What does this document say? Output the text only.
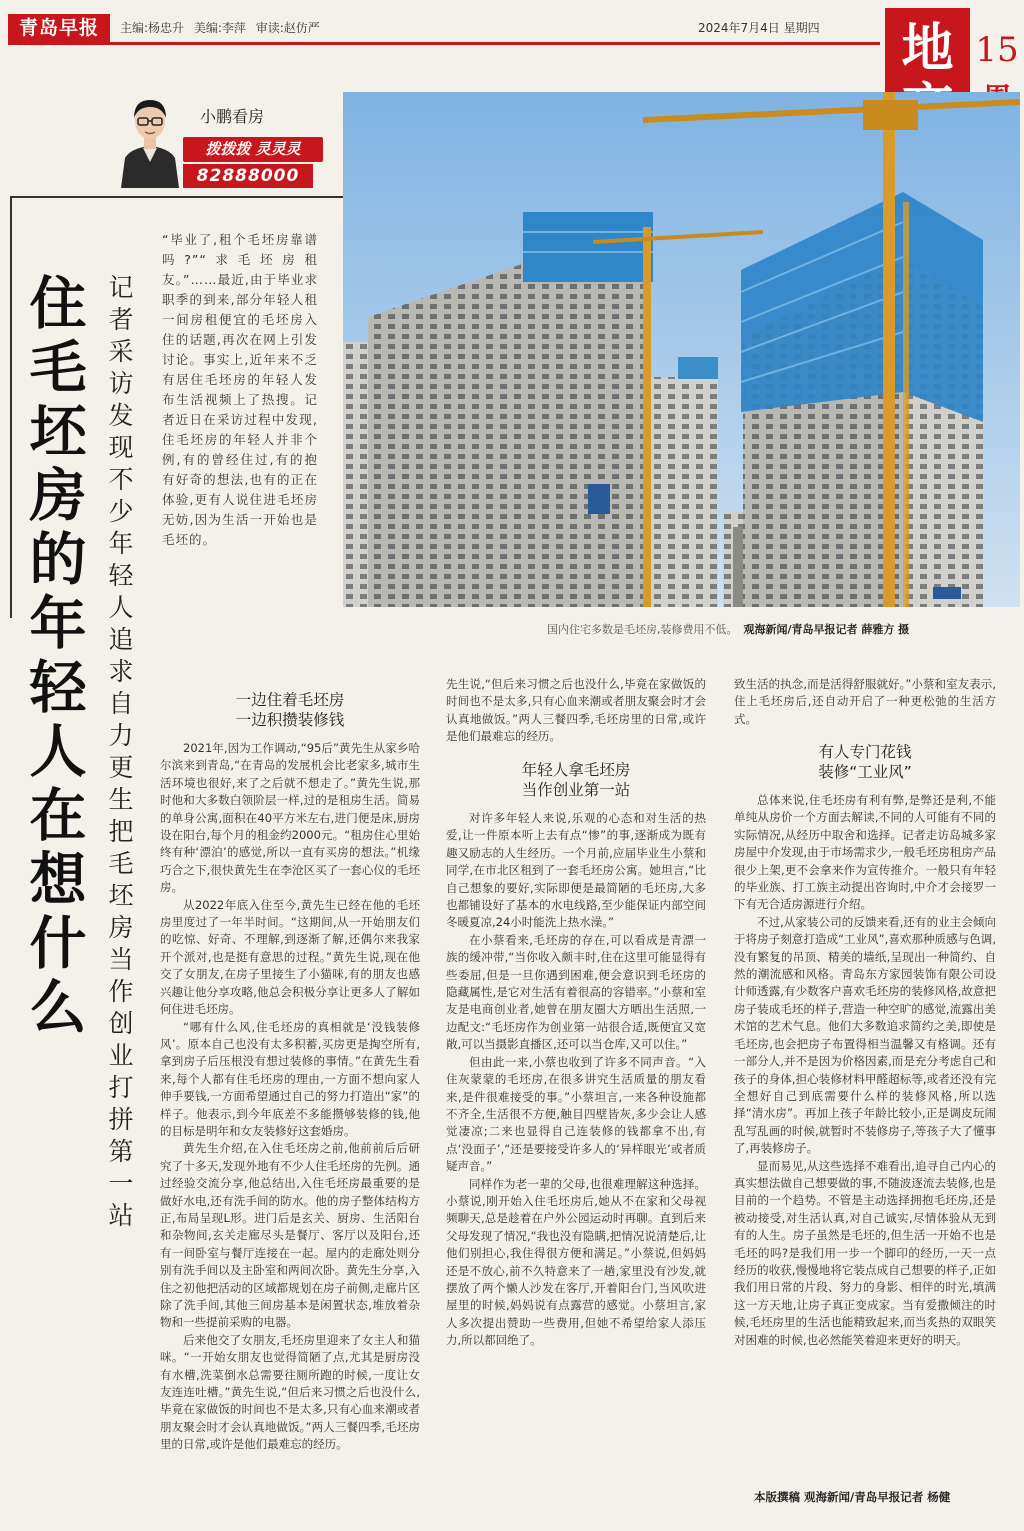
青岛早报	主编:杨忠升 美编:李萍 审读:赵仿严	2024年7月4日 星期四	地 15
小鹏看房
拨拨拨 灵灵灵
82888000
住毛坯房的年轻人在想什么
记者采访发现不少年轻人追求自力更生 把毛坯房当作创业打拼第一站
“毕业了,租个毛坯房靠谱吗?”“求毛坯房租友。”……最近,由于毕业求职季的到来,部分年轻人租一间房租便宜的毛坯房入住的话题,再次在网上引发讨论。事实上,近年来不乏有居住毛坯房的年轻人发布生活视频上了热搜。记者近日在采访过程中发现,住毛坯房的年轻人并非个例,有的曾经住过,有的抱有好奇的想法,也有的正在体验,更有人说住进毛坯房无妨,因为生活一开始也是毛坯的。
国内住宅多数是毛坯房,装修费用不低。 观海新闻/青岛早报记者 薛雅方 摄
一边住着毛坯房
一边积攒装修钱

2021年,因为工作调动,“95后”黄先生从家乡哈尔滨来到青岛,“在青岛的发展机会比老家多,城市生活环境也很好,来了之后就不想走了。”黄先生说,那时他和大多数白领阶层一样,过的是租房生活。简易的单身公寓,面积在40平方米左右,进门便是床,厨房设在阳台,每个月的租金约2000元。“租房住心里始终有种‘漂泊’的感觉,所以一直有买房的想法。”机缘巧合之下,很快黄先生在李沧区买了一套心仪的毛坯房。

从2022年底入住至今,黄先生已经在他的毛坯房里度过了一年半时间。“这期间,从一开始朋友们的吃惊、好奇、不理解,到逐渐了解,还偶尔来我家开个派对,也是挺有意思的过程。”黄先生说,现在他交了女朋友,在房子里接生了小猫咪,有的朋友也感兴趣让他分享攻略,他总会积极分享让更多人了解如何住进毛坯房。

“哪有什么风,住毛坯房的真相就是‘没钱装修风’。原本自己也没有太多积蓄,买房更是掏空所有,拿到房子后压根没有想过装修的事情。”在黄先生看来,每个人都有住毛坯房的理由,一方面不想向家人伸手要钱,一方面希望通过自己的努力打造出“家”的样子。他表示,到今年底差不多能攒够装修的钱,他的目标是明年和女友装修好这套婚房。

黄先生介绍,在入住毛坯房之前,他前前后后研究了十多天,发现外地有不少人住毛坯房的先例。通过经验交流分享,他总结出,入住毛坯房最重要的是做好水电,还有洗手间的防水。他的房子整体结构方正,布局呈现L形。进门后是玄关、厨房、生活阳台和杂物间,玄关走廊尽头是餐厅、客厅以及阳台,还有一间卧室与餐厅连接在一起。屋内的走廊处则分别有洗手间以及主卧室和两间次卧。黄先生分享,入住之初他把活动的区域都规划在房子前侧,走廊片区除了洗手间,其他三间房基本是闲置状态,堆放着杂物和一些提前采购的电器。

后来他交了女朋友,毛坯房里迎来了女主人和猫咪。“一开始女朋友也觉得简陋了点,尤其是厨房没有水槽,洗菜倒水总需要往厕所跑的时候,一度让女友连连吐槽。”黄先生说,“但后来习惯之后也没什么,毕竟在家做饭的时间也不是太多,只有心血来潮或者朋友聚会时才会认真地做饭。”两人三餐四季,毛坯房里的日常,或许是他们最难忘的经历。

先生说,“但后来习惯之后也没什么,毕竟在家做饭的时间也不是太多,只有心血来潮或者朋友聚会时才会认真地做饭。”两人三餐四季,毛坯房里的日常,或许是他们最难忘的经历。

年轻人拿毛坯房
当作创业第一站

对许多年轻人来说,乐观的心态和对生活的热爱,让一件原本听上去有点“惨”的事,逐渐成为既有趣又励志的人生经历。一个月前,应届毕业生小蔡和同学,在市北区租到了一套毛坯房公寓。她坦言,“比自己想象的要好,实际即便是最简陋的毛坯房,大多也都铺设好了基本的水电线路,至少能保证内部空间冬暖夏凉,24小时能洗上热水澡。”

在小蔡看来,毛坯房的存在,可以看成是青漂一族的缓冲带,“当你收入颇丰时,住在这里可能显得有些委屈,但是一旦你遇到困难,便会意识到毛坯房的隐藏属性,是它对生活有着很高的容错率。”小蔡和室友是电商创业者,她曾在朋友圈大方晒出生活照,一边配文:“毛坯房作为创业第一站很合适,既便宜又宽敞,可以当摄影直播区,还可以当仓库,又可以住。”

但由此一来,小蔡也收到了许多不同声音。“入住灰蒙蒙的毛坯房,在很多讲究生活质量的朋友看来,是件很难接受的事。”小蔡坦言,一来各种设施都不齐全,生活很不方便,触目四壁皆灰,多少会让人感觉凄凉;二来也显得自己连装修的钱都拿不出,有点‘没面子’,“还是要接受许多人的‘异样眼光’或者质疑声音。”

同样作为老一辈的父母,也很难理解这种选择。小蔡说,刚开始入住毛坯房后,她从不在家和父母视频聊天,总是趁着在户外公园运动时再聊。直到后来父母发现了情况,“我也没有隐瞒,把情况说清楚后,让他们别担心,我住得很方便和满足。”小蔡说,但妈妈还是不放心,前不久特意来了一趟,家里没有沙发,就摆放了两个懒人沙发在客厅,开着阳台门,当风吹进屋里的时候,妈妈说有点露营的感觉。小蔡坦言,家人多次提出赞助一些费用,但她不希望给家人添压力,所以都回绝了。

致生活的执念,而是活得舒服就好。”小蔡和室友表示,住上毛坯房后,还自动开启了一种更松弛的生活方式。

有人专门花钱
装修“工业风”

总体来说,住毛坯房有利有弊,是弊还是利,不能单纯从房价一个方面去解读,不同的人可能有不同的实际情况,从经历中取舍和选择。记者走访岛城多家房屋中介发现,由于市场需求少,一般毛坯房租房产品很少上架,更不会拿来作为宣传推介。一般只有年轻的毕业族、打工族主动提出咨询时,中介才会接罗一下有无合适房源进行介绍。

不过,从家装公司的反馈来看,还有的业主会倾向于将房子刻意打造成“工业风”,喜欢那种质感与色调,没有繁复的吊顶、精美的墙纸,呈现出一种简约、自然的潮流感和风格。青岛东方家园装饰有限公司设计师透露,有少数客户喜欢毛坯房的装修风格,故意把房子装成毛坯的样子,营造一种空旷的感觉,流露出美术馆的艺术气息。他们大多数追求简约之美,即使是毛坯房,也会把房子布置得相当温馨又有格调。还有一部分人,并不是因为价格因素,而是充分考虑自己和孩子的身体,担心装修材料甲醛超标等,或者还没有完全想好自己到底需要什么样的装修风格,所以选择“清水房”。再加上孩子年龄比较小,正是调皮玩闹乱写乱画的时候,就暂时不装修房子,等孩子大了懂事了,再装修房子。

显而易见,从这些选择不难看出,追寻自己内心的真实想法做自己想要做的事,不随波逐流去装修,也是目前的一个趋势。不管是主动选择拥抱毛坯房,还是被动接受,对生活认真,对自己诚实,尽情体验从无到有的人生。房子虽然是毛坯的,但生活一开始不也是毛坯的吗?是我们用一步一个脚印的经历,一天一点经历的收获,慢慢地将它装点成自己想要的样子,正如我们用日常的片段、努力的身影、相伴的时光,填满这一方天地,让房子真正变成家。当有爱撒倾注的时候,毛坯房里的生活也能精致起来,而当炙热的双眼笑对困难的时候,也必然能笑着迎来更好的明天。

本版撰稿 观海新闻/青岛早报记者 杨健
